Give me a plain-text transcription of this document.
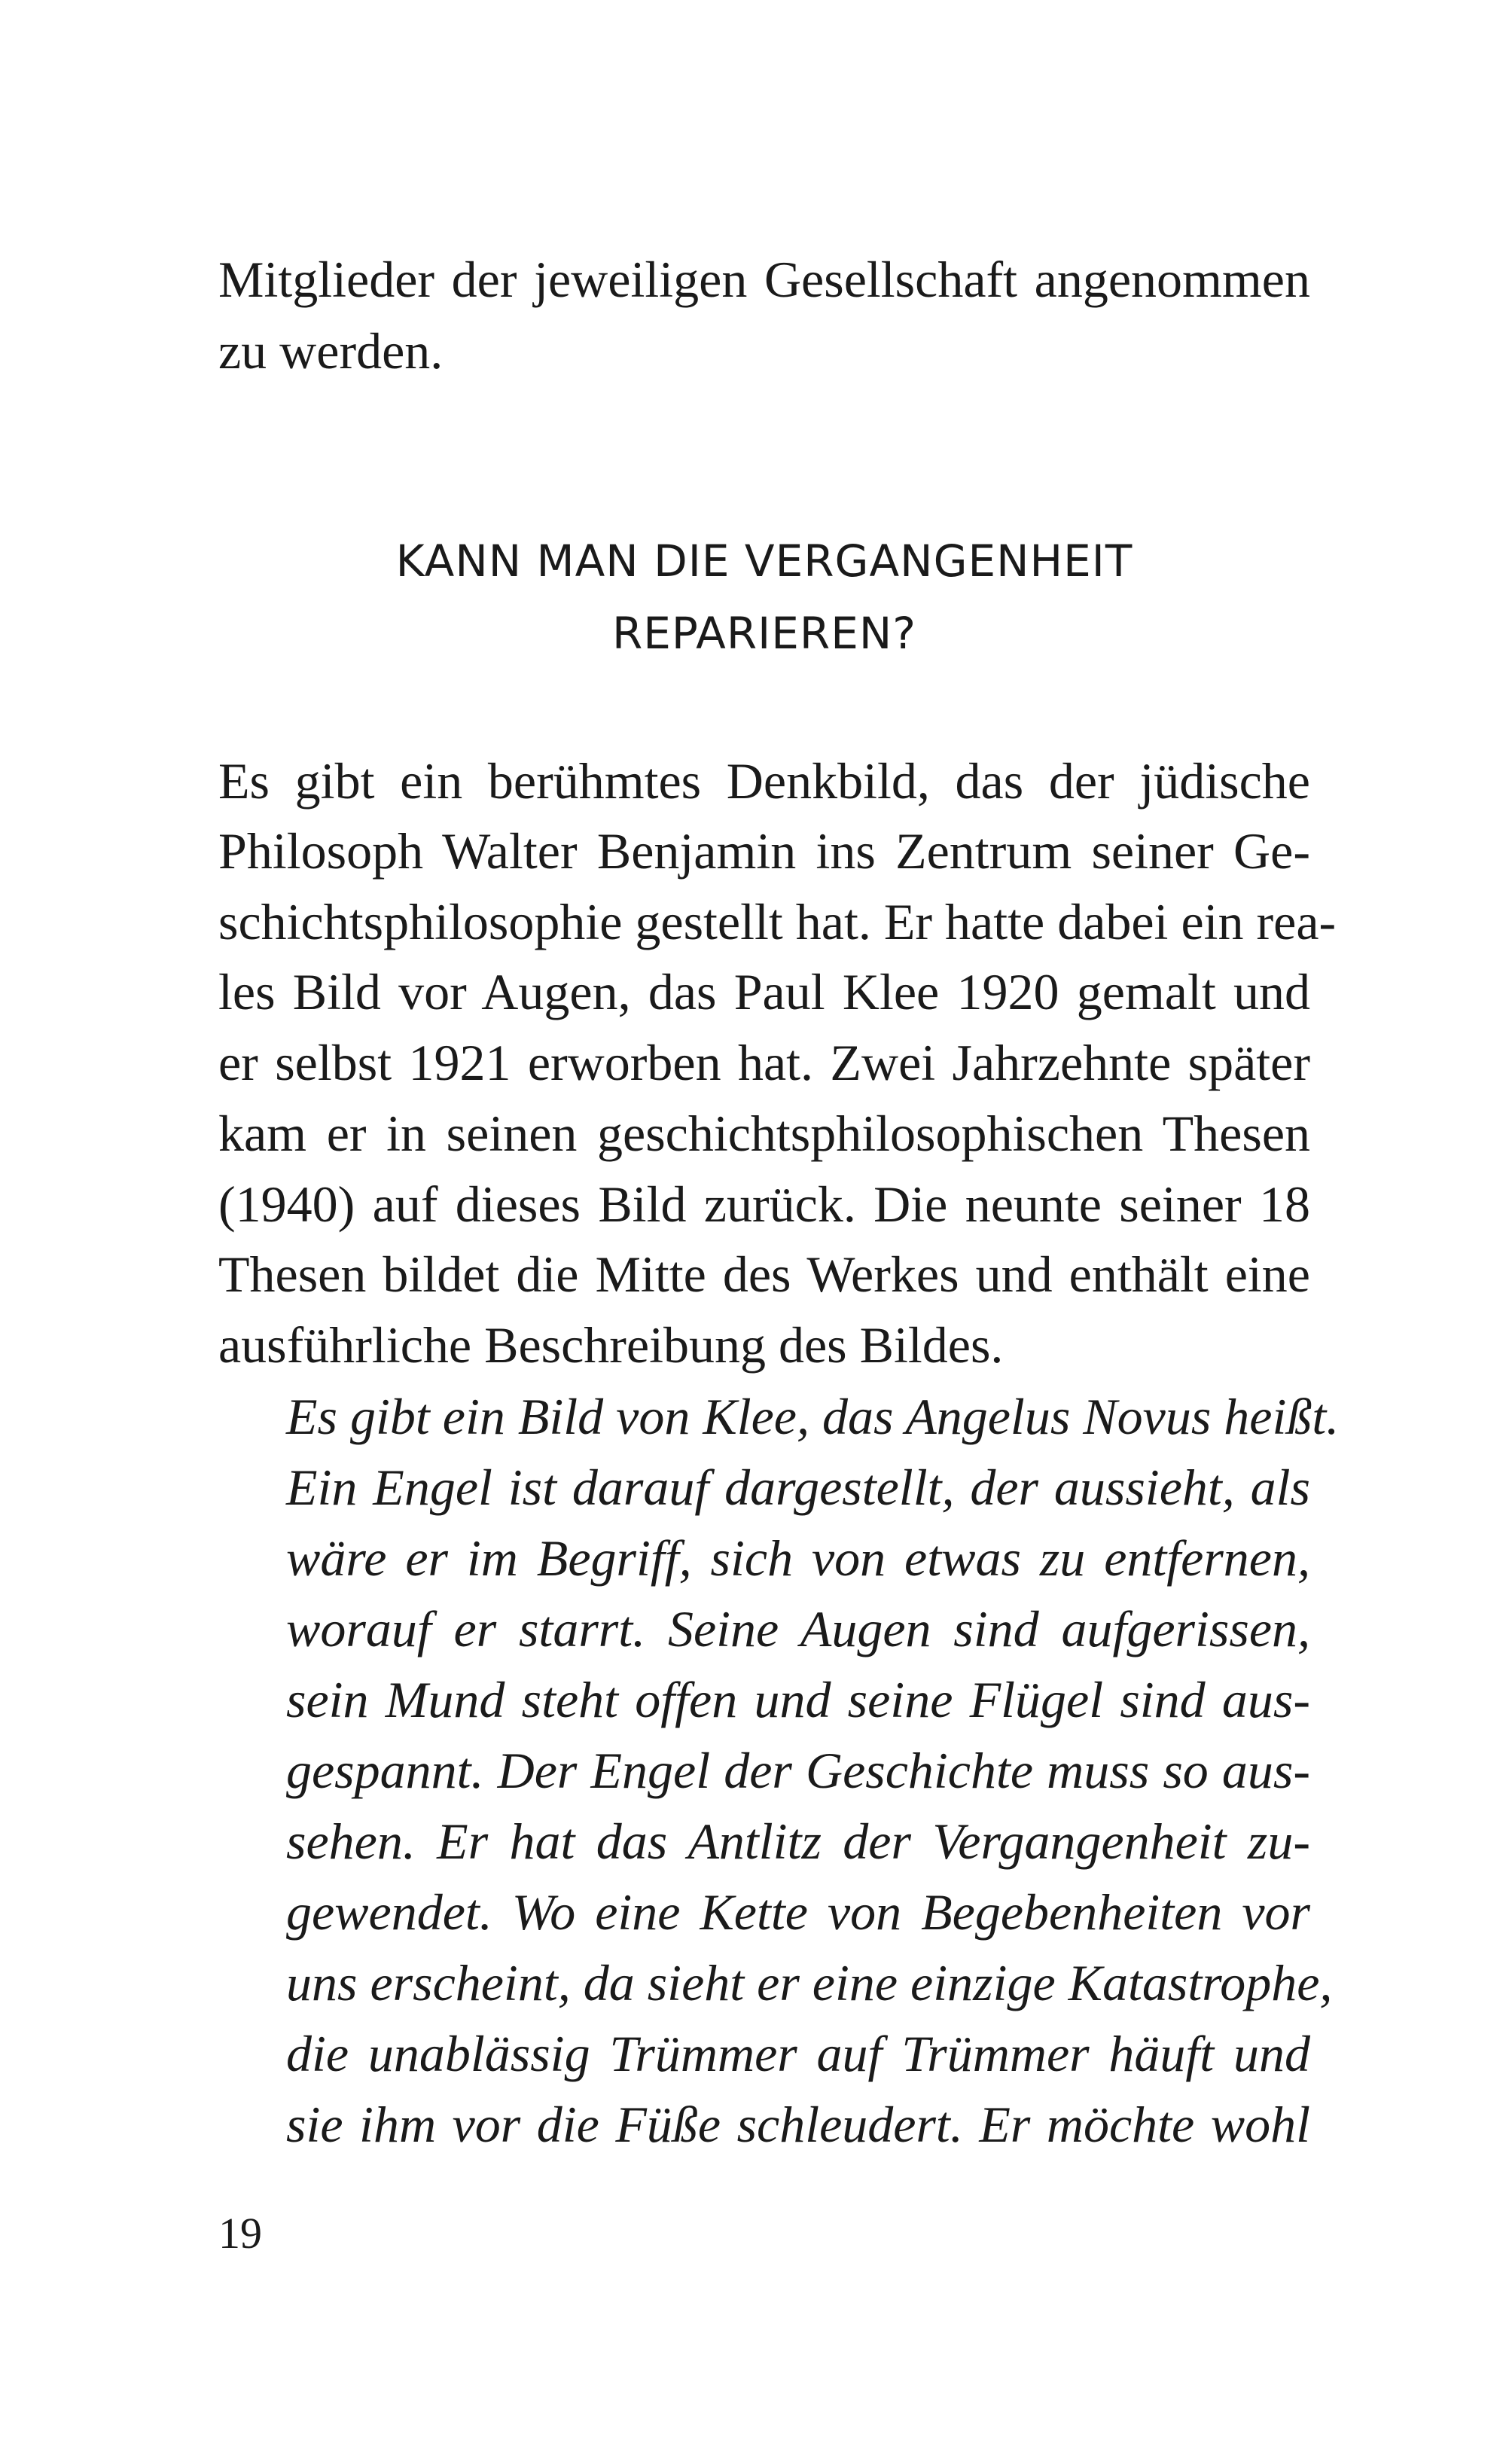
Mitglieder der jeweiligen Gesellschaft angenommen
zu werden.
KANN MAN DIE VERGANGENHEIT
REPARIEREN?
Es gibt ein berühmtes Denkbild, das der jüdische
Philosoph Walter Benjamin ins Zentrum seiner Ge-
schichtsphilosophie gestellt hat. Er hatte dabei ein rea-
les Bild vor Augen, das Paul Klee 1920 gemalt und
er selbst 1921 erworben hat. Zwei Jahrzehnte später
kam er in seinen geschichtsphilosophischen Thesen
(1940) auf dieses Bild zurück. Die neunte seiner 18
Thesen bildet die Mitte des Werkes und enthält eine
ausführliche Beschreibung des Bildes.
Es gibt ein Bild von Klee, das Angelus Novus heißt.
Ein Engel ist darauf dargestellt, der aussieht, als
wäre er im Begriff, sich von etwas zu entfernen,
worauf er starrt. Seine Augen sind aufgerissen,
sein Mund steht offen und seine Flügel sind aus-
gespannt. Der Engel der Geschichte muss so aus-
sehen. Er hat das Antlitz der Vergangenheit zu-
gewendet. Wo eine Kette von Begebenheiten vor
uns erscheint, da sieht er eine einzige Katastrophe,
die unablässig Trümmer auf Trümmer häuft und
sie ihm vor die Füße schleudert. Er möchte wohl
19
